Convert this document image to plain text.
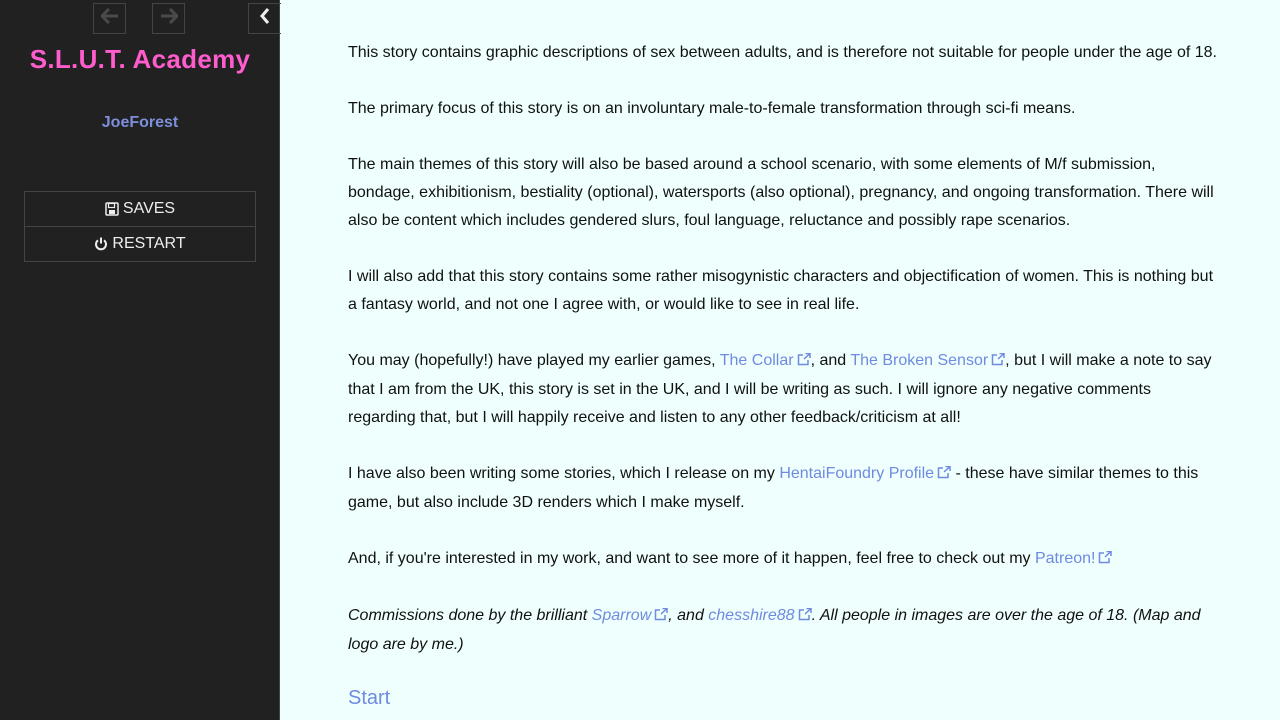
S.L.U.T. Academy
JoeForest
SAVES
RESTART

This story contains graphic descriptions of sex between adults, and is therefore not suitable for people under the age of 18.

The primary focus of this story is on an involuntary male-to-female transformation through sci-fi means.

The main themes of this story will also be based around a school scenario, with some elements of M/f submission, bondage, exhibitionism, bestiality (optional), watersports (also optional), pregnancy, and ongoing transformation. There will also be content which includes gendered slurs, foul language, reluctance and possibly rape scenarios.

I will also add that this story contains some rather misogynistic characters and objectification of women. This is nothing but a fantasy world, and not one I agree with, or would like to see in real life.

You may (hopefully!) have played my earlier games, The Collar , and The Broken Sensor , but I will make a note to say that I am from the UK, this story is set in the UK, and I will be writing as such. I will ignore any negative comments regarding that, but I will happily receive and listen to any other feedback/criticism at all!

I have also been writing some stories, which I release on my HentaiFoundry Profile - these have similar themes to this game, but also include 3D renders which I make myself.

And, if you're interested in my work, and want to see more of it happen, feel free to check out my Patreon!

Commissions done by the brilliant Sparrow , and chesshire88 . All people in images are over the age of 18. (Map and logo are by me.)

Start
